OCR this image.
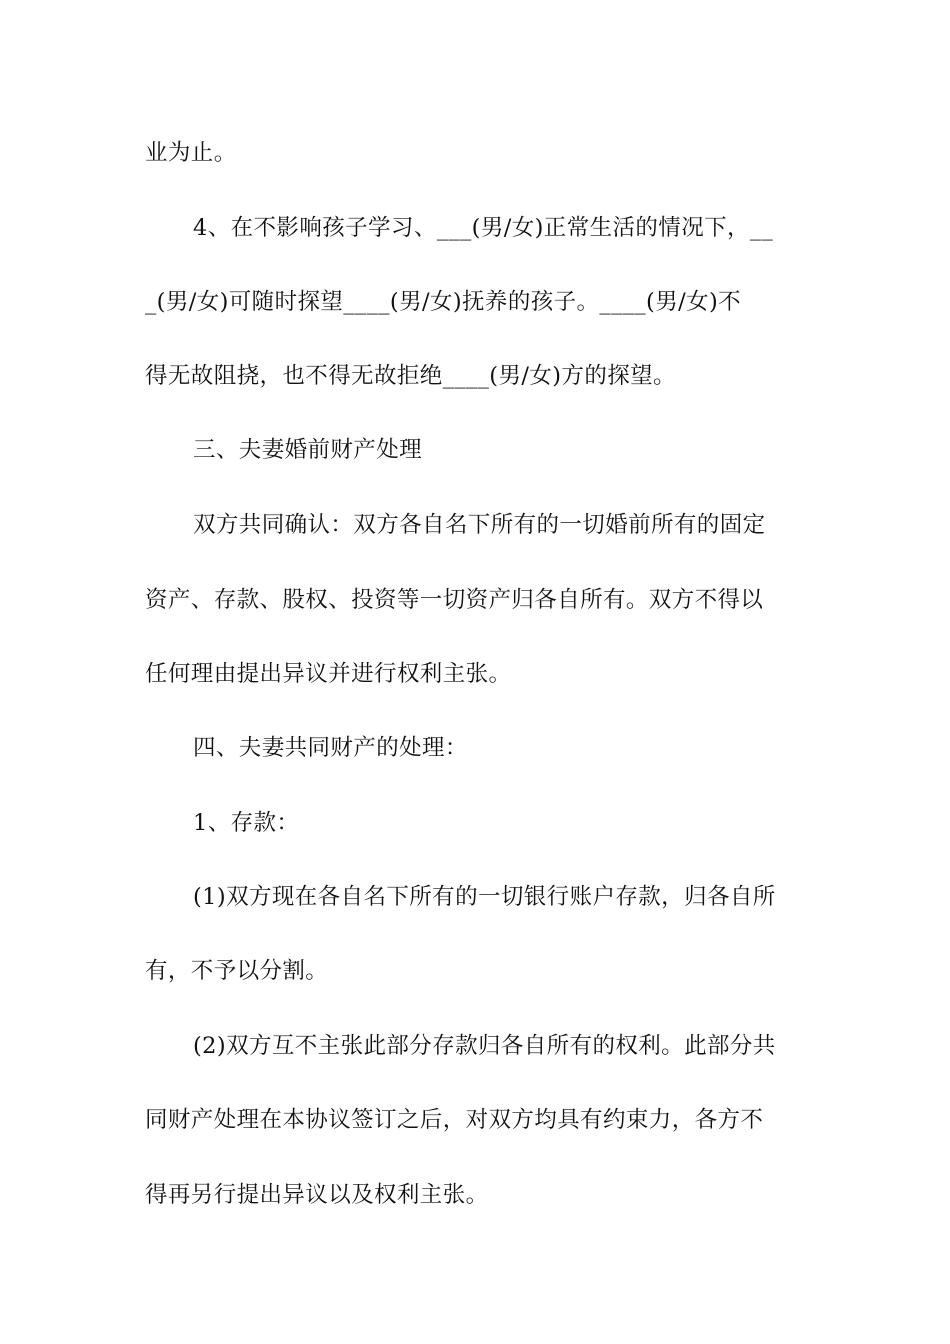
业为止。
4、在不影响孩子学习、___(男/女)正常生活的情况下，__
_(男/女)可随时探望____(男/女)抚养的孩子。____(男/女)不
得无故阻挠，也不得无故拒绝____(男/女)方的探望。
三、夫妻婚前财产处理
双方共同确认：双方各自名下所有的一切婚前所有的固定
资产、存款、股权、投资等一切资产归各自所有。双方不得以
任何理由提出异议并进行权利主张。
四、夫妻共同财产的处理：
1、存款：
(1)双方现在各自名下所有的一切银行账户存款，归各自所
有，不予以分割。
(2)双方互不主张此部分存款归各自所有的权利。此部分共
同财产处理在本协议签订之后，对双方均具有约束力，各方不
得再另行提出异议以及权利主张。
